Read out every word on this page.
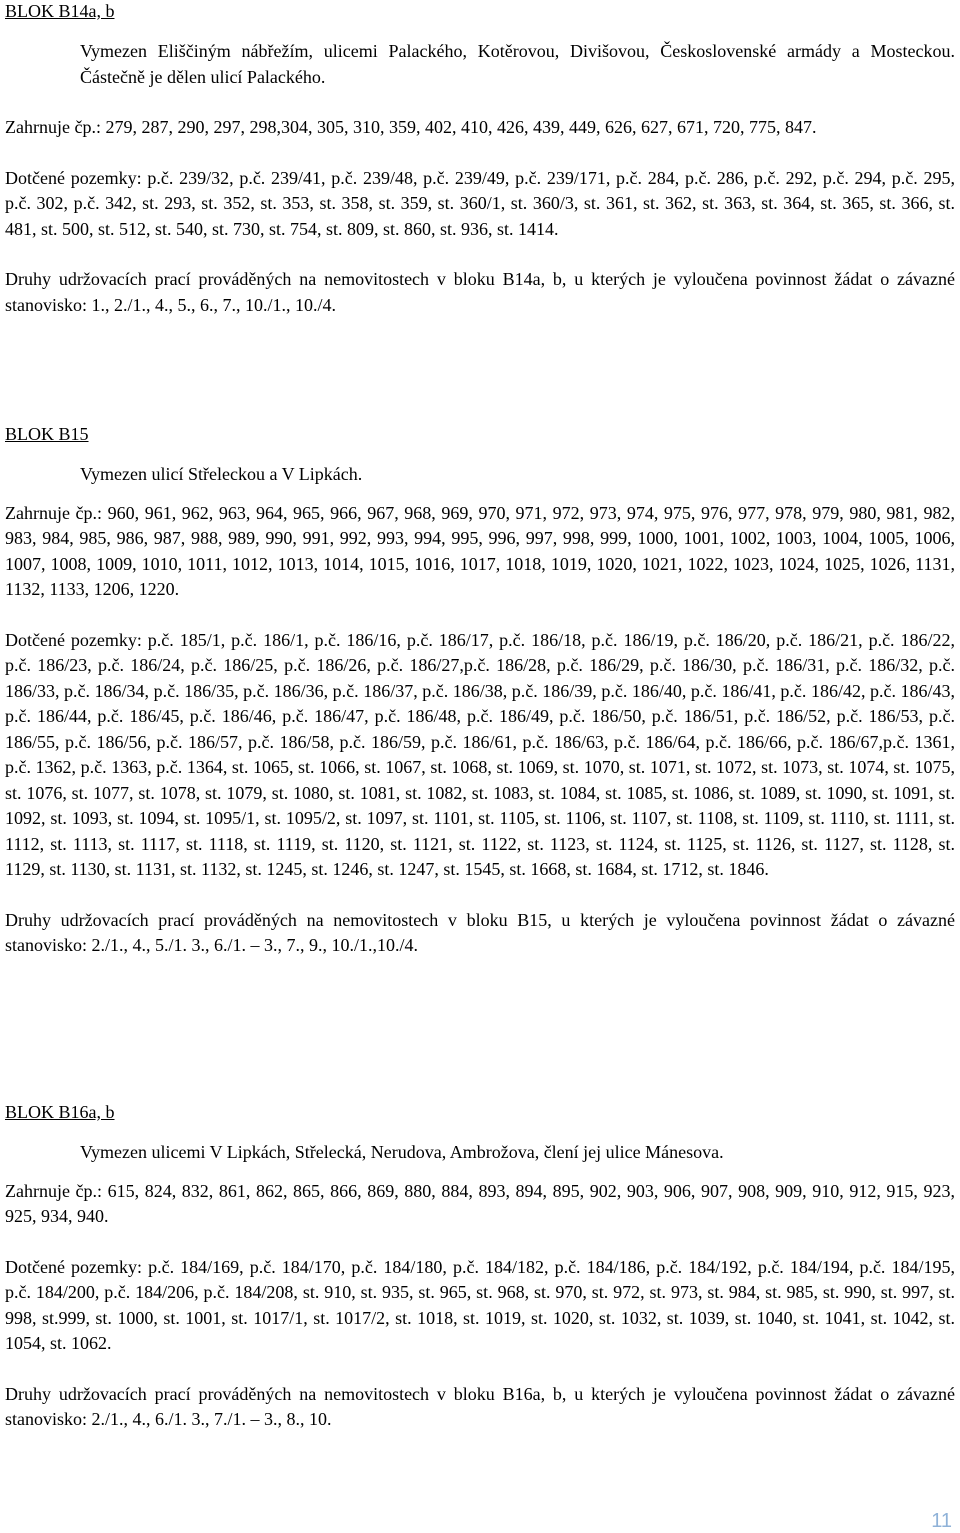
BLOK B14a, b

Vymezen Eliščiným nábřežím, ulicemi Palackého, Kotěrovou, Divišovou, Československé armády a Mosteckou. Částečně je dělen ulicí Palackého.

Zahrnuje čp.: 279, 287, 290, 297, 298,304, 305, 310, 359, 402, 410, 426, 439, 449, 626, 627, 671, 720, 775, 847.

Dotčené pozemky: p.č. 239/32, p.č. 239/41, p.č. 239/48, p.č. 239/49, p.č. 239/171, p.č. 284, p.č. 286, p.č. 292, p.č. 294, p.č. 295, p.č. 302, p.č. 342, st. 293, st. 352, st. 353, st. 358, st. 359, st. 360/1, st. 360/3, st. 361, st. 362, st. 363, st. 364, st. 365, st. 366, st. 481, st. 500, st. 512, st. 540, st. 730, st. 754, st. 809, st. 860, st. 936, st. 1414.

Druhy udržovacích prací prováděných na nemovitostech v bloku B14a, b, u kterých je vyloučena povinnost žádat o závazné stanovisko: 1., 2./1., 4., 5., 6., 7., 10./1., 10./4.

BLOK B15

Vymezen ulicí Střeleckou a V Lipkách.

Zahrnuje čp.: 960, 961, 962, 963, 964, 965, 966, 967, 968, 969, 970, 971, 972, 973, 974, 975, 976, 977, 978, 979, 980, 981, 982, 983, 984, 985, 986, 987, 988, 989, 990, 991, 992, 993, 994, 995, 996, 997, 998, 999, 1000, 1001, 1002, 1003, 1004, 1005, 1006, 1007, 1008, 1009, 1010, 1011, 1012, 1013, 1014, 1015, 1016, 1017, 1018, 1019, 1020, 1021, 1022, 1023, 1024, 1025, 1026, 1131, 1132, 1133, 1206, 1220.

Dotčené pozemky: p.č. 185/1, p.č. 186/1, p.č. 186/16, p.č. 186/17, p.č. 186/18, p.č. 186/19, p.č. 186/20, p.č. 186/21, p.č. 186/22, p.č. 186/23, p.č. 186/24, p.č. 186/25, p.č. 186/26, p.č. 186/27,p.č. 186/28, p.č. 186/29, p.č. 186/30, p.č. 186/31, p.č. 186/32, p.č. 186/33, p.č. 186/34, p.č. 186/35, p.č. 186/36, p.č. 186/37, p.č. 186/38, p.č. 186/39, p.č. 186/40, p.č. 186/41, p.č. 186/42, p.č. 186/43, p.č. 186/44, p.č. 186/45, p.č. 186/46, p.č. 186/47, p.č. 186/48, p.č. 186/49, p.č. 186/50, p.č. 186/51, p.č. 186/52, p.č. 186/53, p.č. 186/55, p.č. 186/56, p.č. 186/57, p.č. 186/58, p.č. 186/59, p.č. 186/61, p.č. 186/63, p.č. 186/64, p.č. 186/66, p.č. 186/67,p.č. 1361, p.č. 1362, p.č. 1363, p.č. 1364, st. 1065, st. 1066, st. 1067, st. 1068, st. 1069, st. 1070, st. 1071, st. 1072, st. 1073, st. 1074, st. 1075, st. 1076, st. 1077, st. 1078, st. 1079, st. 1080, st. 1081, st. 1082, st. 1083, st. 1084, st. 1085, st. 1086, st. 1089, st. 1090, st. 1091, st. 1092, st. 1093, st. 1094, st. 1095/1, st. 1095/2, st. 1097, st. 1101, st. 1105, st. 1106, st. 1107, st. 1108, st. 1109, st. 1110, st. 1111, st. 1112, st. 1113, st. 1117, st. 1118, st. 1119, st. 1120, st. 1121, st. 1122, st. 1123, st. 1124, st. 1125, st. 1126, st. 1127, st. 1128, st. 1129, st. 1130, st. 1131, st. 1132, st. 1245, st. 1246, st. 1247, st. 1545, st. 1668, st. 1684, st. 1712, st. 1846.

Druhy udržovacích prací prováděných na nemovitostech v bloku B15, u kterých je vyloučena povinnost žádat o závazné stanovisko: 2./1., 4., 5./1. 3., 6./1. – 3., 7., 9., 10./1.,10./4.

BLOK B16a, b

Vymezen ulicemi V Lipkách, Střelecká, Nerudova, Ambrožova, člení jej ulice Mánesova.

Zahrnuje čp.: 615, 824, 832, 861, 862, 865, 866, 869, 880, 884, 893, 894, 895, 902, 903, 906, 907, 908, 909, 910, 912, 915, 923, 925, 934, 940.

Dotčené pozemky: p.č. 184/169, p.č. 184/170, p.č. 184/180, p.č. 184/182, p.č. 184/186, p.č. 184/192, p.č. 184/194, p.č. 184/195, p.č. 184/200, p.č. 184/206, p.č. 184/208, st. 910, st. 935, st. 965, st. 968, st. 970, st. 972, st. 973, st. 984, st. 985, st. 990, st. 997, st. 998, st.999, st. 1000, st. 1001, st. 1017/1, st. 1017/2, st. 1018, st. 1019, st. 1020, st. 1032, st. 1039, st. 1040, st. 1041, st. 1042, st. 1054, st. 1062.

Druhy udržovacích prací prováděných na nemovitostech v bloku B16a, b, u kterých je vyloučena povinnost žádat o závazné stanovisko: 2./1., 4., 6./1. 3., 7./1. – 3., 8., 10.

11
